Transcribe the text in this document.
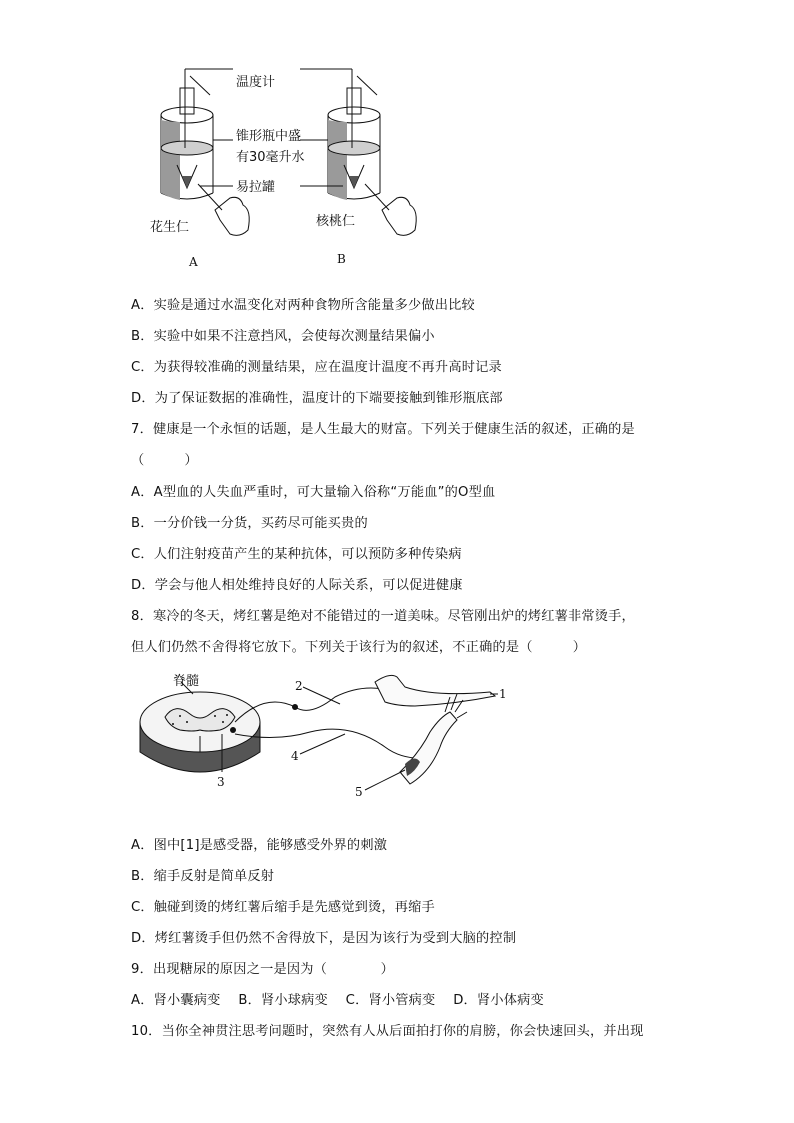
温度计
锥形瓶中盛
有30毫升水
易拉罐
花生仁	核桃仁
A	B
A．实验是通过水温变化对两种食物所含能量多少做出比较
B．实验中如果不注意挡风，会使每次测量结果偏小
C．为获得较准确的测量结果，应在温度计温度不再升高时记录
D．为了保证数据的准确性，温度计的下端要接触到锥形瓶底部
7．健康是一个永恒的话题，是人生最大的财富。下列关于健康生活的叙述，正确的是
（　　　）
A．A型血的人失血严重时，可大量输入俗称“万能血”的O型血
B．一分价钱一分货，买药尽可能买贵的
C．人们注射疫苗产生的某种抗体，可以预防多种传染病
D．学会与他人相处维持良好的人际关系，可以促进健康
8．寒冷的冬天，烤红薯是绝对不能错过的一道美味。尽管刚出炉的烤红薯非常烫手，
但人们仍然不舍得将它放下。下列关于该行为的叙述，不正确的是（　　　）
脊髓
1
2
3
4
5
A．图中[1]是感受器，能够感受外界的刺激
B．缩手反射是简单反射
C．触碰到烫的烤红薯后缩手是先感觉到烫，再缩手
D．烤红薯烫手但仍然不舍得放下，是因为该行为受到大脑的控制
9．出现糖尿的原因之一是因为（　　　　）
A．肾小囊病变　 B．肾小球病变　 C．肾小管病变　 D．肾小体病变
10．当你全神贯注思考问题时，突然有人从后面拍打你的肩膀，你会快速回头，并出现
